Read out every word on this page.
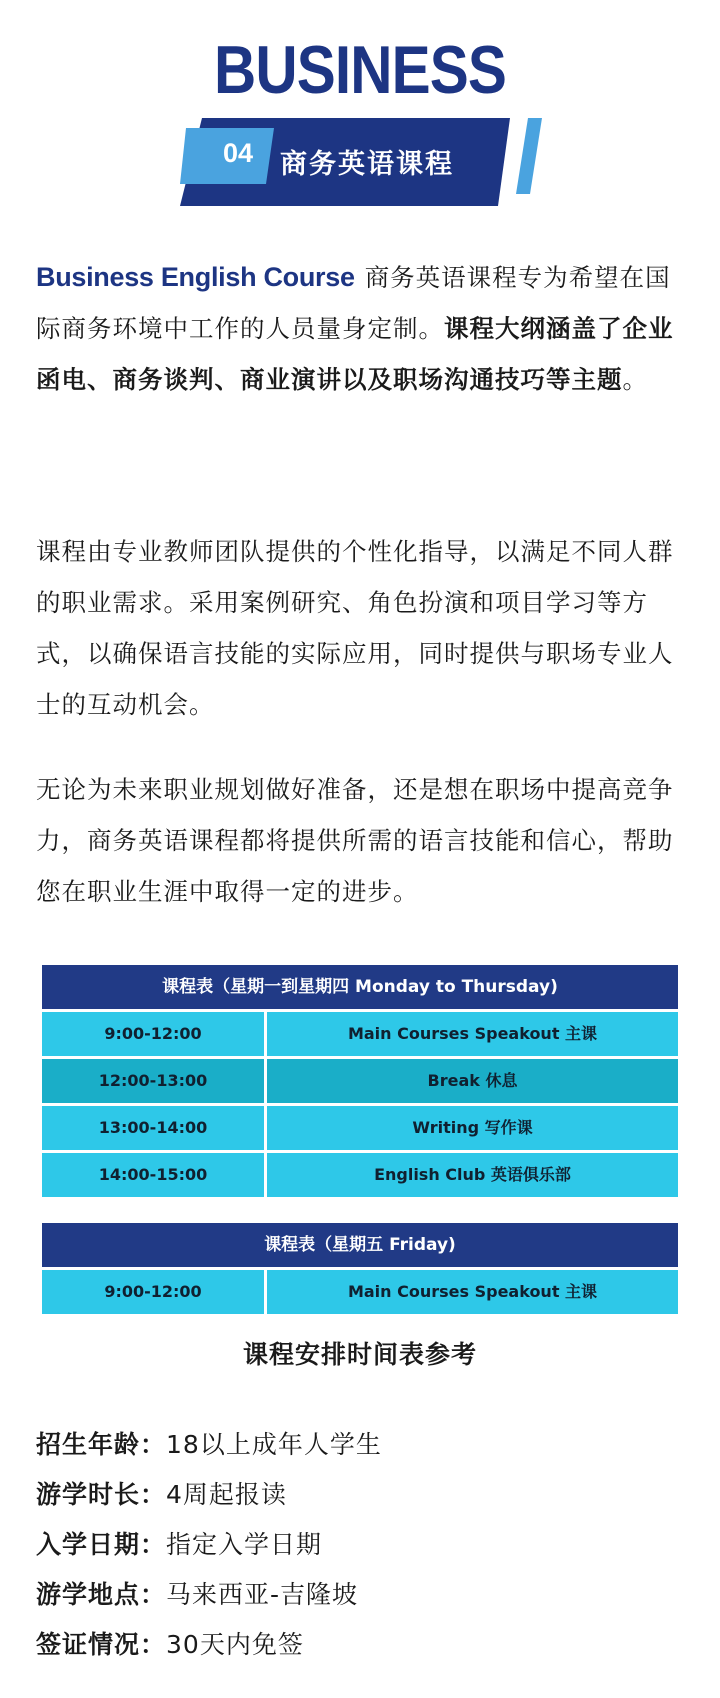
BUSINESS
04 商务英语课程
Business English Course 商务英语课程专为希望在国际商务环境中工作的人员量身定制。课程大纲涵盖了企业函电、商务谈判、商业演讲以及职场沟通技巧等主题。
课程由专业教师团队提供的个性化指导，以满足不同人群的职业需求。采用案例研究、角色扮演和项目学习等方式，以确保语言技能的实际应用，同时提供与职场专业人士的互动机会。
无论为未来职业规划做好准备，还是想在职场中提高竞争力，商务英语课程都将提供所需的语言技能和信心，帮助您在职业生涯中取得一定的进步。
课程表（星期一到星期四 Monday to Thursday)
9:00-12:00	Main Courses Speakout 主课
12:00-13:00	Break 休息
13:00-14:00	Writing 写作课
14:00-15:00	English Club 英语俱乐部
课程表（星期五 Friday)
9:00-12:00	Main Courses Speakout 主课
课程安排时间表参考
招生年龄：18以上成年人学生
游学时长：4周起报读
入学日期：指定入学日期
游学地点：马来西亚-吉隆坡
签证情况：30天内免签
